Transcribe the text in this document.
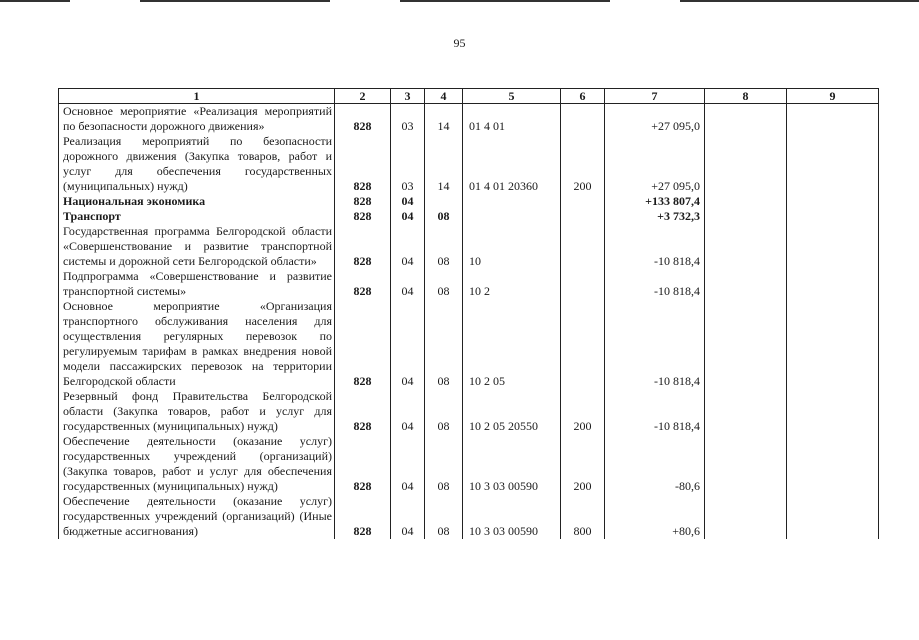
95
1	2	3	4	5	6	7	8	9
Основное мероприятие «Реализация мероприятий по безопасности дорожного движения»	828	03	14	01 4 01		+27 095,0		
Реализация мероприятий по безопасности дорожного движения (Закупка товаров, работ и услуг для обеспечения государственных (муниципальных) нужд)	828	03	14	01 4 01 20360	200	+27 095,0		
Национальная экономика	828	04				+133 807,4		
Транспорт	828	04	08			+3 732,3		
Государственная программа Белгородской области «Совершенствование и развитие транспортной системы и дорожной сети Белгородской области»	828	04	08	10		-10 818,4		
Подпрограмма «Совершенствование и развитие транспортной системы»	828	04	08	10 2		-10 818,4		
Основное мероприятие «Организация транспортного обслуживания населения для осуществления регулярных перевозок по регулируемым тарифам в рамках внедрения новой модели пассажирских перевозок на территории Белгородской области	828	04	08	10 2 05		-10 818,4		
Резервный фонд Правительства Белгородской области (Закупка товаров, работ и услуг для государственных (муниципальных) нужд)	828	04	08	10 2 05 20550	200	-10 818,4		
Обеспечение деятельности (оказание услуг) государственных учреждений (организаций) (Закупка товаров, работ и услуг для обеспечения государственных (муниципальных) нужд)	828	04	08	10 3 03 00590	200	-80,6		
Обеспечение деятельности (оказание услуг) государственных учреждений (организаций) (Иные бюджетные ассигнования)	828	04	08	10 3 03 00590	800	+80,6		
